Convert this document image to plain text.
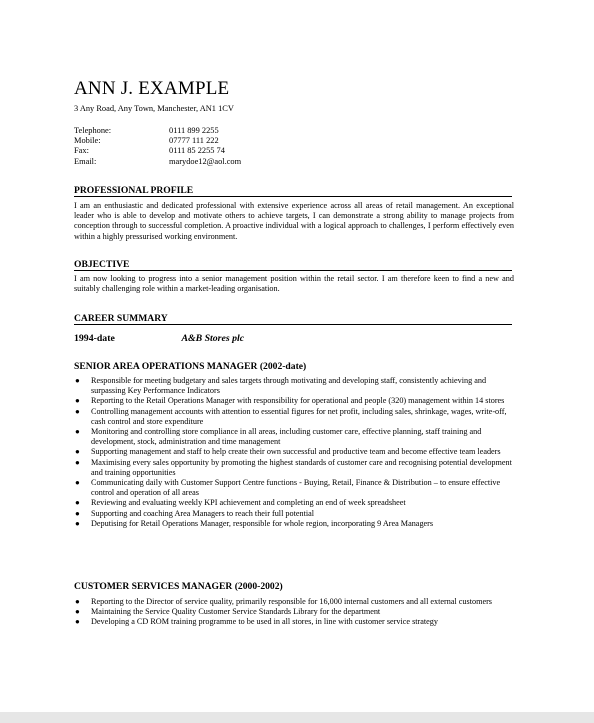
ANN J. EXAMPLE
3 Any Road, Any Town, Manchester, AN1 1CV
Telephone:	0111 899 2255
Mobile:	07777 111 222
Fax:	0111 85 2255 74
Email:	marydoe12@aol.com
PROFESSIONAL PROFILE
I am an enthusiastic and dedicated professional with extensive experience across all areas of retail management. An exceptional leader who is able to develop and motivate others to achieve targets, I can demonstrate a strong ability to manage projects from conception through to successful completion. A proactive individual with a logical approach to challenges, I perform effectively even within a highly pressurised working environment.
OBJECTIVE
I am now looking to progress into a senior management position within the retail sector. I am therefore keen to find a new and suitably challenging role within a market-leading organisation.
CAREER SUMMARY
1994-date	A&B Stores plc
SENIOR AREA OPERATIONS MANAGER (2002-date)
● Responsible for meeting budgetary and sales targets through motivating and developing staff, consistently achieving and surpassing Key Performance Indicators
● Reporting to the Retail Operations Manager with responsibility for operational and people (320) management within 14 stores
● Controlling management accounts with attention to essential figures for net profit, including sales, shrinkage, wages, write-off, cash control and store expenditure
● Monitoring and controlling store compliance in all areas, including customer care, effective planning, staff training and development, stock, administration and time management
● Supporting management and staff to help create their own successful and productive team and become effective team leaders
● Maximising every sales opportunity by promoting the highest standards of customer care and recognising potential development and training opportunities
● Communicating daily with Customer Support Centre functions - Buying, Retail, Finance & Distribution – to ensure effective control and operation of all areas
● Reviewing and evaluating weekly KPI achievement and completing an end of week spreadsheet
● Supporting and coaching Area Managers to reach their full potential
● Deputising for Retail Operations Manager, responsible for whole region, incorporating 9 Area Managers
CUSTOMER SERVICES MANAGER (2000-2002)
● Reporting to the Director of service quality, primarily responsible for 16,000 internal customers and all external customers
● Maintaining the Service Quality Customer Service Standards Library for the department
● Developing a CD ROM training programme to be used in all stores, in line with customer service strategy
